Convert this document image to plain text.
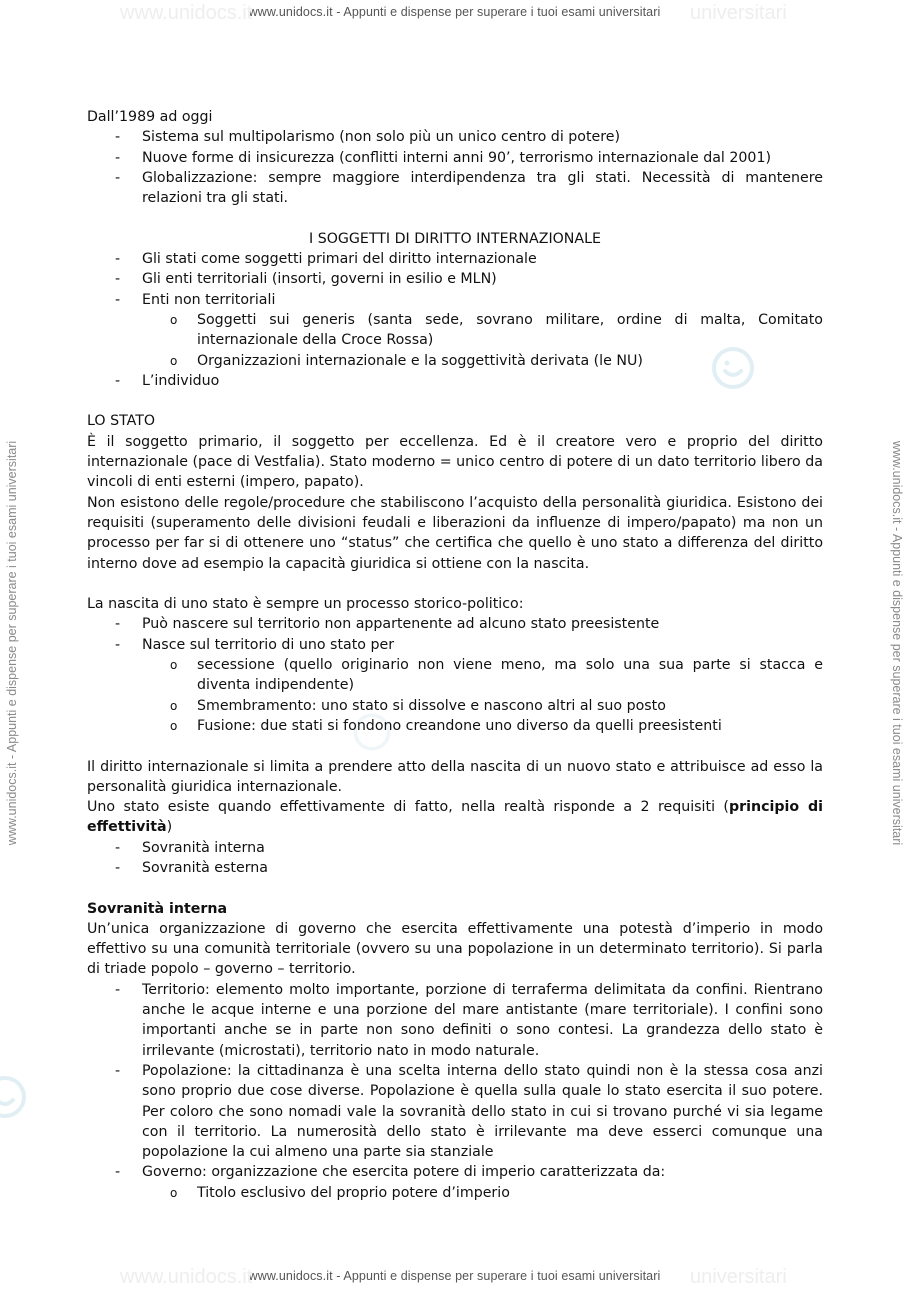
www.unidocs.it - Appunti e dispense per superare i tuoi esami universitari
www.unidocs.it - Appunti e dispense per superare i tuoi esami universitari
www.unidocs.it - Appunti e dispense per superare i tuoi esami universitari	www.unidocs.it - Appunti e dispense per superare i tuoi esami universitari
www.unidocs.it
www.unidocs.it
universitari
universitari

Dall’1989 ad oggi

- Sistema sul multipolarismo (non solo più un unico centro di potere)
- Nuove forme di insicurezza (conflitti interni anni 90’, terrorismo internazionale dal 2001)
- Globalizzazione: sempre maggiore interdipendenza tra gli stati. Necessità di mantenere relazioni tra gli stati.

I SOGGETTI DI DIRITTO INTERNAZIONALE

- Gli stati come soggetti primari del diritto internazionale
- Gli enti territoriali (insorti, governi in esilio e MLN)
- Enti non territoriali
o Soggetti sui generis (santa sede, sovrano militare, ordine di malta, Comitato internazionale della Croce Rossa)
o Organizzazioni internazionale e la soggettività derivata (le NU)
- L’individuo

LO STATO

È il soggetto primario, il soggetto per eccellenza. Ed è il creatore vero e proprio del diritto internazionale (pace di Vestfalia). Stato moderno = unico centro di potere di un dato territorio libero da vincoli di enti esterni (impero, papato).

Non esistono delle regole/procedure che stabiliscono l’acquisto della personalità giuridica. Esistono dei requisiti (superamento delle divisioni feudali e liberazioni da influenze di impero/papato) ma non un processo per far si di ottenere uno “status” che certifica che quello è uno stato a differenza del diritto interno dove ad esempio la capacità giuridica si ottiene con la nascita.

La nascita di uno stato è sempre un processo storico-politico:

- Può nascere sul territorio non appartenente ad alcuno stato preesistente
- Nasce sul territorio di uno stato per
o secessione (quello originario non viene meno, ma solo una sua parte si stacca e diventa indipendente)
o Smembramento: uno stato si dissolve e nascono altri al suo posto
o Fusione: due stati si fondono creandone uno diverso da quelli preesistenti

Il diritto internazionale si limita a prendere atto della nascita di un nuovo stato e attribuisce ad esso la personalità giuridica internazionale.

Uno stato esiste quando effettivamente di fatto, nella realtà risponde a 2 requisiti (principio di effettività)

- Sovranità interna
- Sovranità esterna

Sovranità interna

Un’unica organizzazione di governo che esercita effettivamente una potestà d’imperio in modo effettivo su una comunità territoriale (ovvero su una popolazione in un determinato territorio). Si parla di triade popolo – governo – territorio.

- Territorio: elemento molto importante, porzione di terraferma delimitata da confini. Rientrano anche le acque interne e una porzione del mare antistante (mare territoriale). I confini sono importanti anche se in parte non sono definiti o sono contesi. La grandezza dello stato è irrilevante (microstati), territorio nato in modo naturale.
- Popolazione: la cittadinanza è una scelta interna dello stato quindi non è la stessa cosa anzi sono proprio due cose diverse. Popolazione è quella sulla quale lo stato esercita il suo potere. Per coloro che sono nomadi vale la sovranità dello stato in cui si trovano purché vi sia legame con il territorio. La numerosità dello stato è irrilevante ma deve esserci comunque una popolazione la cui almeno una parte sia stanziale
- Governo: organizzazione che esercita potere di imperio caratterizzata da:
o Titolo esclusivo del proprio potere d’imperio
